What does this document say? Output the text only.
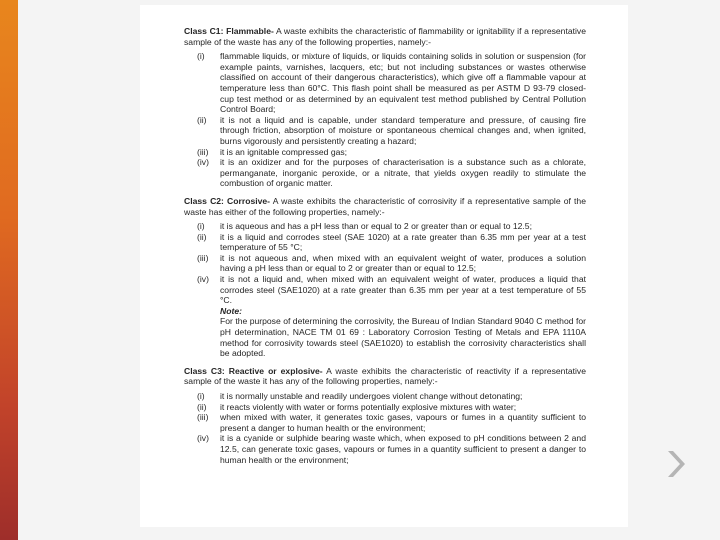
Class C1: Flammable- A waste exhibits the characteristic of flammability or ignitability if a representative sample of the waste has any of the following properties, namely:-

(i)	flammable liquids, or mixture of liquids, or liquids containing solids in solution or suspension (for example paints, varnishes, lacquers, etc; but not including substances or wastes otherwise classified on account of their dangerous characteristics), which give off a flammable vapour at temperature less than 60°C. This flash point shall be measured as per ASTM D 93-79 closed-cup test method or as determined by an equivalent test method published by Central Pollution Control Board;
(ii)	it is not a liquid and is capable, under standard temperature and pressure, of causing fire through friction, absorption of moisture or spontaneous chemical changes and, when ignited, burns vigorously and persistently creating a hazard;
(iii)	it is an ignitable compressed gas;
(iv)	it is an oxidizer and for the purposes of characterisation is a substance such as a chlorate, permanganate, inorganic peroxide, or a nitrate, that yields oxygen readily to stimulate the combustion of organic matter.

Class C2: Corrosive- A waste exhibits the characteristic of corrosivity if a representative sample of the waste has either of the following properties, namely:-

(i)	it is aqueous and has a pH less than or equal to 2 or greater than or equal to 12.5;
(ii)	it is a liquid and corrodes steel (SAE 1020) at a rate greater than 6.35 mm per year at a test temperature of 55 °C;
(iii)	it is not aqueous and, when mixed with an equivalent weight of water, produces a solution having a pH less than or equal to 2 or greater than or equal to 12.5;
(iv)	it is not a liquid and, when mixed with an equivalent weight of water, produces a liquid that corrodes steel (SAE1020) at a rate greater than 6.35 mm per year at a test temperature of 55 °C.
Note:
For the purpose of determining the corrosivity, the Bureau of Indian Standard 9040 C method for pH determination, NACE TM 01 69 : Laboratory Corrosion Testing of Metals and EPA 1110A method for corrosivity towards steel (SAE1020) to establish the corrosivity characteristics shall be adopted.

Class C3: Reactive or explosive- A waste exhibits the characteristic of reactivity if a representative sample of the waste it has any of the following properties, namely:-

(i)	it is normally unstable and readily undergoes violent change without detonating;
(ii)	it reacts violently with water or forms potentially explosive mixtures with water;
(iii)	when mixed with water, it generates toxic gases, vapours or fumes in a quantity sufficient to present a danger to human health or the environment;
(iv)	it is a cyanide or sulphide bearing waste which, when exposed to pH conditions between 2 and 12.5, can generate toxic gases, vapours or fumes in a quantity sufficient to present a danger to human health or the environment;
